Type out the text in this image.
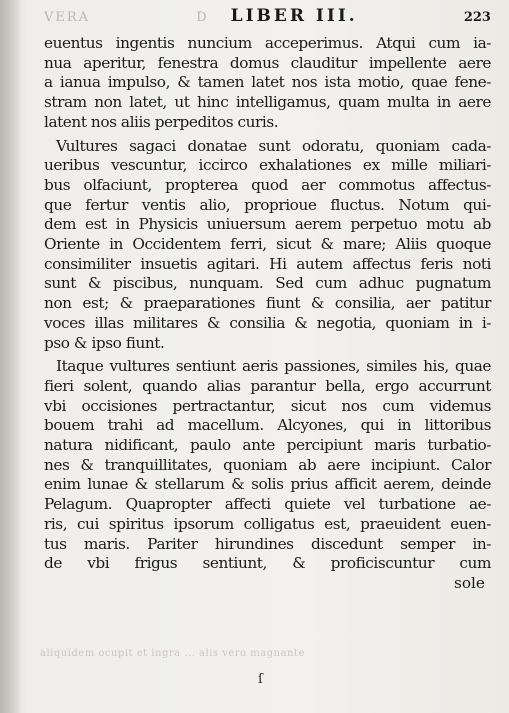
VERA	D LIBER III.	223
euentus ingentis nuncium acceperimus. Atqui cum ia-
nua aperitur, fenestra domus clauditur impellente aere
a ianua impulso, & tamen latet nos ista motio, quae fene-
stram non latet, ut hinc intelligamus, quam multa in aere
latent nos aliis perpeditos curis.
Vultures sagaci donatae sunt odoratu, quoniam cada-
ueribus vescuntur, iccirco exhalationes ex mille miliari-
bus olfaciunt, propterea quod aer commotus affectus-
que fertur ventis alio, proprioue fluctus. Notum qui-
dem est in Physicis uniuersum aerem perpetuo motu ab
Oriente in Occidentem ferri, sicut & mare; Aliis quoque
consimiliter insuetis agitari. Hi autem affectus feris noti
sunt & piscibus, nunquam. Sed cum adhuc pugnatum
non est; & praeparationes fiunt & consilia, aer patitur
voces illas militares & consilia & negotia, quoniam in i-
pso & ipso fiunt.
Itaque vultures sentiunt aeris passiones, similes his, quae
fieri solent, quando alias parantur bella, ergo accurrunt
vbi occisiones pertractantur, sicut nos cum videmus
bouem trahi ad macellum. Alcyones, qui in littoribus
natura nidificant, paulo ante percipiunt maris turbatio-
nes & tranquillitates, quoniam ab aere incipiunt. Calor
enim lunae & stellarum & solis prius afficit aerem, deinde
Pelagum. Quapropter affecti quiete vel turbatione ae-
ris, cui spiritus ipsorum colligatus est, praeuident euen-
tus maris. Pariter hirundines discedunt semper in-
de vbi frigus sentiunt, & proficiscuntur cum
sole
aliquidem ocupit et ingra ... alis vero magnante
ſ
